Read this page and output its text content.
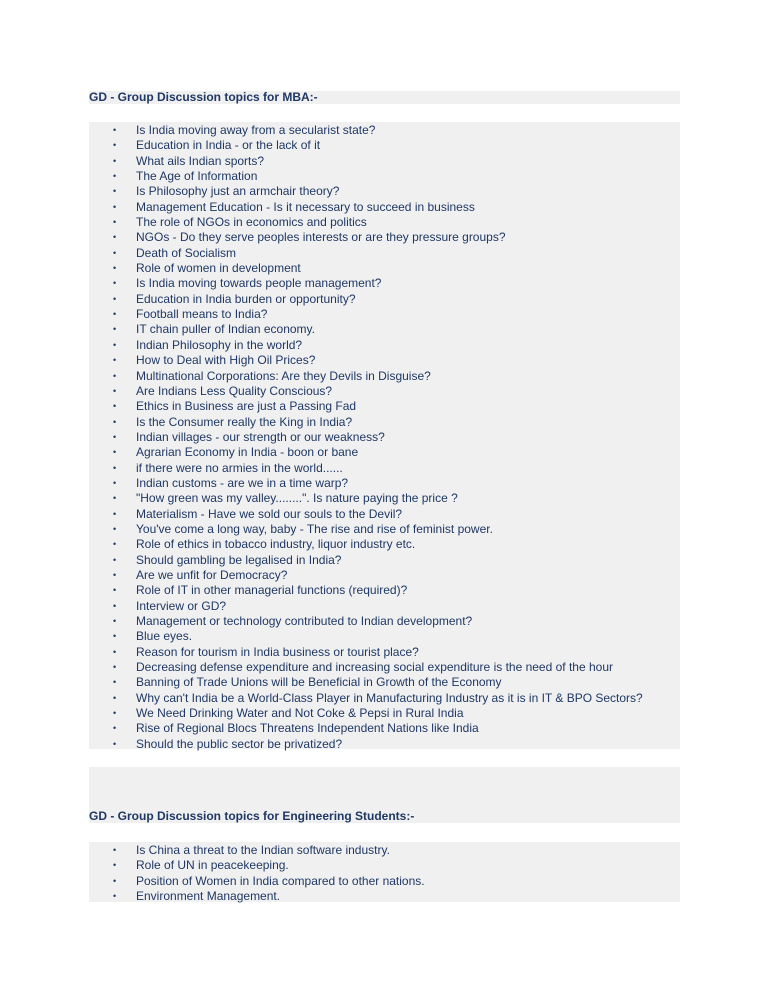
GD - Group Discussion topics for MBA:-
• Is India moving away from a secularist state?
• Education in India - or the lack of it
• What ails Indian sports?
• The Age of Information
• Is Philosophy just an armchair theory?
• Management Education - Is it necessary to succeed in business
• The role of NGOs in economics and politics
• NGOs - Do they serve peoples interests or are they pressure groups?
• Death of Socialism
• Role of women in development
• Is India moving towards people management?
• Education in India burden or opportunity?
• Football means to India?
• IT chain puller of Indian economy.
• Indian Philosophy in the world?
• How to Deal with High Oil Prices?
• Multinational Corporations: Are they Devils in Disguise?
• Are Indians Less Quality Conscious?
• Ethics in Business are just a Passing Fad
• Is the Consumer really the King in India?
• Indian villages - our strength or our weakness?
• Agrarian Economy in India - boon or bane
• if there were no armies in the world......
• Indian customs - are we in a time warp?
• "How green was my valley........". Is nature paying the price ?
• Materialism - Have we sold our souls to the Devil?
• You've come a long way, baby - The rise and rise of feminist power.
• Role of ethics in tobacco industry, liquor industry etc.
• Should gambling be legalised in India?
• Are we unfit for Democracy?
• Role of IT in other managerial functions (required)?
• Interview or GD?
• Management or technology contributed to Indian development?
• Blue eyes.
• Reason for tourism in India business or tourist place?
• Decreasing defense expenditure and increasing social expenditure is the need of the hour
• Banning of Trade Unions will be Beneficial in Growth of the Economy
• Why can't India be a World-Class Player in Manufacturing Industry as it is in IT & BPO Sectors?
• We Need Drinking Water and Not Coke & Pepsi in Rural India
• Rise of Regional Blocs Threatens Independent Nations like India
• Should the public sector be privatized?
GD - Group Discussion topics for Engineering Students:-
• Is China a threat to the Indian software industry.
• Role of UN in peacekeeping.
• Position of Women in India compared to other nations.
• Environment Management.
